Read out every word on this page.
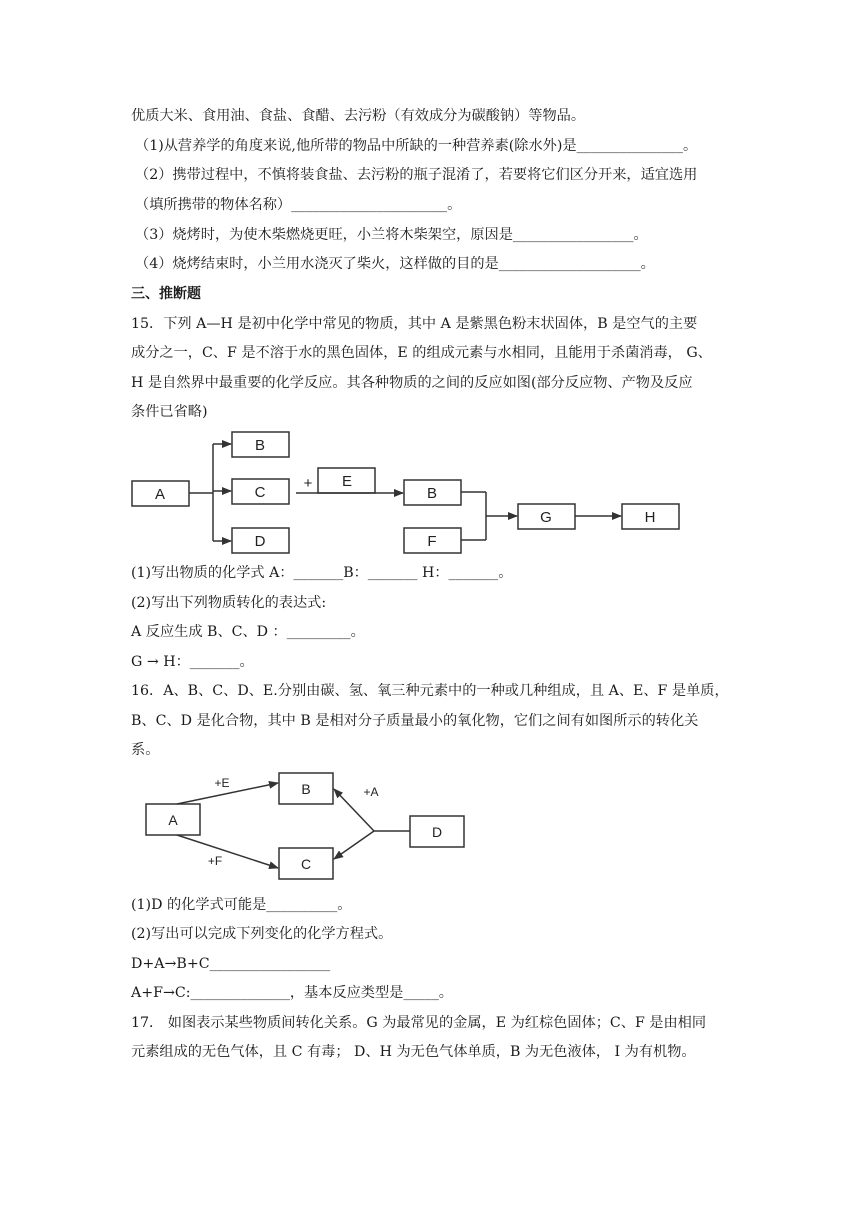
优质大米、食用油、食盐、食醋、去污粉（有效成分为碳酸钠）等物品。
（1)从营养学的角度来说,他所带的物品中所缺的一种营养素(除水外)是_______________。
（2）携带过程中，不慎将装食盐、去污粉的瓶子混淆了，若要将它们区分开来，适宜选用
（填所携带的物体名称）______________________。
（3）烧烤时，为使木柴燃烧更旺，小兰将木柴架空，原因是_________________。
（4）烧烤结束时，小兰用水浇灭了柴火，这样做的目的是____________________。
三、推断题
15．下列 A—H 是初中化学中常见的物质，其中 A 是紫黑色粉末状固体，B 是空气的主要
成分之一，C、F 是不溶于水的黑色固体，E 的组成元素与水相同，且能用于杀菌消毒， G、
H 是自然界中最重要的化学反应。其各种物质的之间的反应如图(部分反应物、产物及反应
条件已省略)
A
B
C
D
E
B
F
G	H
+
(1)写出物质的化学式 A：_______B：_______ H：_______。
(2)写出下列物质转化的表达式:
A 反应生成 B、C、D ：_________。
G → H：_______。
16．A、B、C、D、E.分别由碳、氢、氧三种元素中的一种或几种组成，且 A、E、F 是单质，
B、C、D 是化合物，其中 B 是相对分子质量最小的氧化物，它们之间有如图所示的转化关
系。
A
B
C
D
+E
+F
+A
(1)D 的化学式可能是__________。
(2)写出可以完成下列变化的化学方程式。
D+A→B+C_________________
A+F→C:______________，基本反应类型是_____。
17． 如图表示某些物质间转化关系。G 为最常见的金属，E 为红棕色固体；C、F 是由相同
元素组成的无色气体，且 C 有毒； D、H 为无色气体单质，B 为无色液体， I 为有机物。
